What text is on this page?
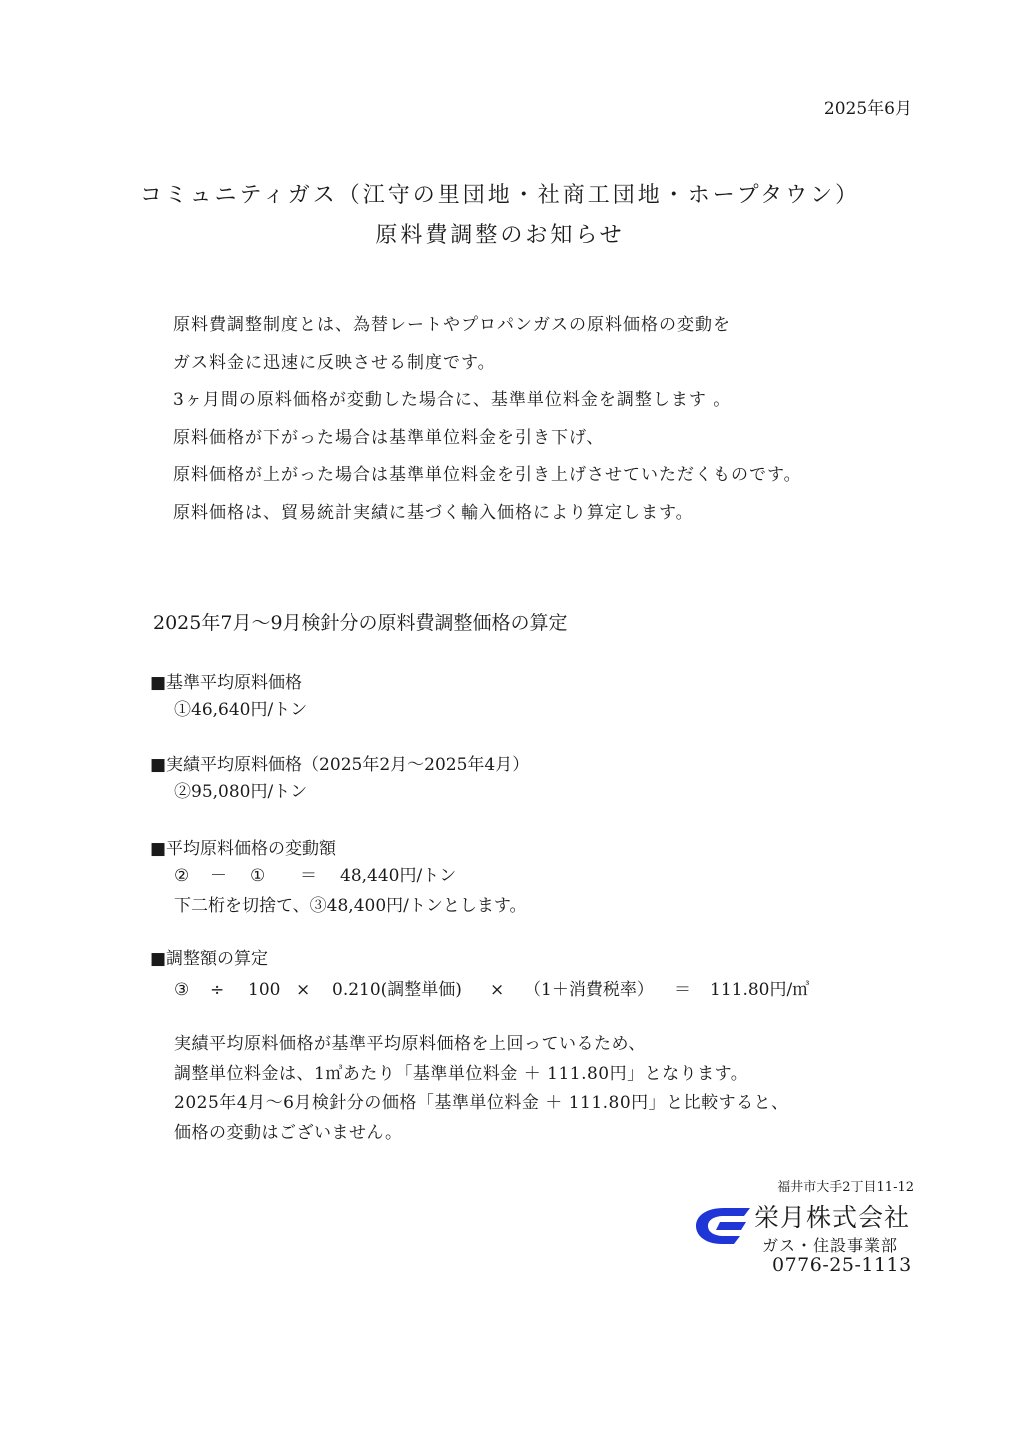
2025年6月
コミュニティガス（江守の里団地・社商工団地・ホープタウン）
原料費調整のお知らせ
原料費調整制度とは、為替レートやプロパンガスの原料価格の変動を
ガス料金に迅速に反映させる制度です。
3ヶ月間の原料価格が変動した場合に、基準単位料金を調整します 。
原料価格が下がった場合は基準単位料金を引き下げ、
原料価格が上がった場合は基準単位料金を引き上げさせていただくものです。
原料価格は、貿易統計実績に基づく輸入価格により算定します。
2025年7月～9月検針分の原料費調整価格の算定
■基準平均原料価格
①46,640円/トン
■実績平均原料価格（2025年2月～2025年4月）
②95,080円/トン
■平均原料価格の変動額
②	－	①	＝	48,440円/トン
下二桁を切捨て、③48,400円/トンとします。
■調整額の算定
③	÷	100 ×	0.210(調整単価)	×	（1＋消費税率）	＝	111.80円/㎥
実績平均原料価格が基準平均原料価格を上回っているため、
調整単位料金は、1㎥あたり「基準単位料金 ＋ 111.80円」となります。
2025年4月～6月検針分の価格「基準単位料金 ＋ 111.80円」と比較すると、
価格の変動はございません。
福井市大手2丁目11-12
栄月株式会社
ガス・住設事業部
0776-25-1113
